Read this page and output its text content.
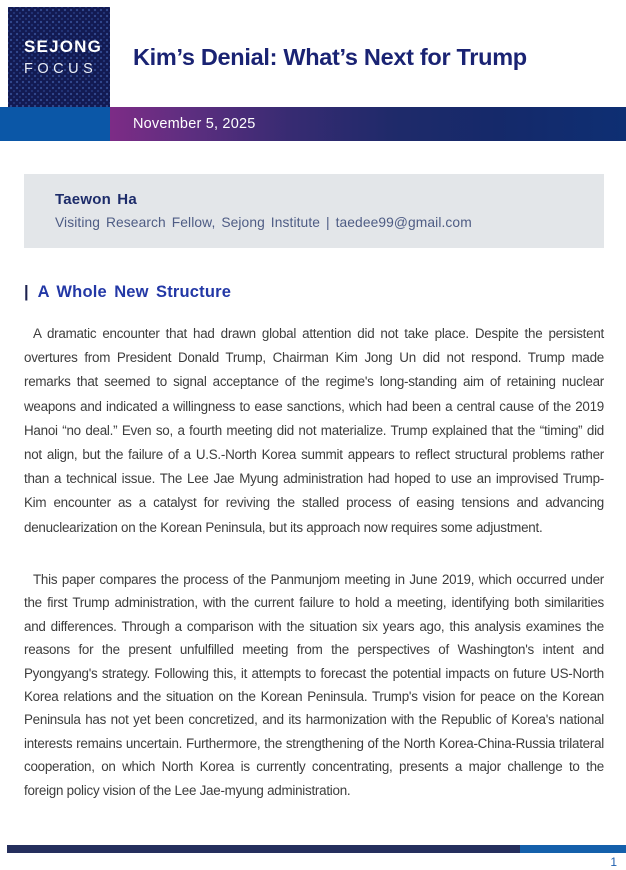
SEJONG
FOCUS	Kim’s Denial: What’s Next for Trump
November 5, 2025
Taewon Ha
Visiting Research Fellow, Sejong Institute | taedee99@gmail.com
| A Whole New Structure

A dramatic encounter that had drawn global attention did not take place. Despite the persistent overtures from President Donald Trump, Chairman Kim Jong Un did not respond. Trump made remarks that seemed to signal acceptance of the regime's long-standing aim of retaining nuclear weapons and indicated a willingness to ease sanctions, which had been a central cause of the 2019 Hanoi “no deal.” Even so, a fourth meeting did not materialize. Trump explained that the “timing” did not align, but the failure of a U.S.-North Korea summit appears to reflect structural problems rather than a technical issue. The Lee Jae Myung administration had hoped to use an improvised Trump-Kim encounter as a catalyst for reviving the stalled process of easing tensions and advancing denuclearization on the Korean Peninsula, but its approach now requires some adjustment.

This paper compares the process of the Panmunjom meeting in June 2019, which occurred under the first Trump administration, with the current failure to hold a meeting, identifying both similarities and differences. Through a comparison with the situation six years ago, this analysis examines the reasons for the present unfulfilled meeting from the perspectives of Washington's intent and Pyongyang's strategy. Following this, it attempts to forecast the potential impacts on future US-North Korea relations and the situation on the Korean Peninsula. Trump's vision for peace on the Korean Peninsula has not yet been concretized, and its harmonization with the Republic of Korea's national interests remains uncertain. Furthermore, the strengthening of the North Korea-China-Russia trilateral cooperation, on which North Korea is currently concentrating, presents a major challenge to the foreign policy vision of the Lee Jae-myung administration.

1
